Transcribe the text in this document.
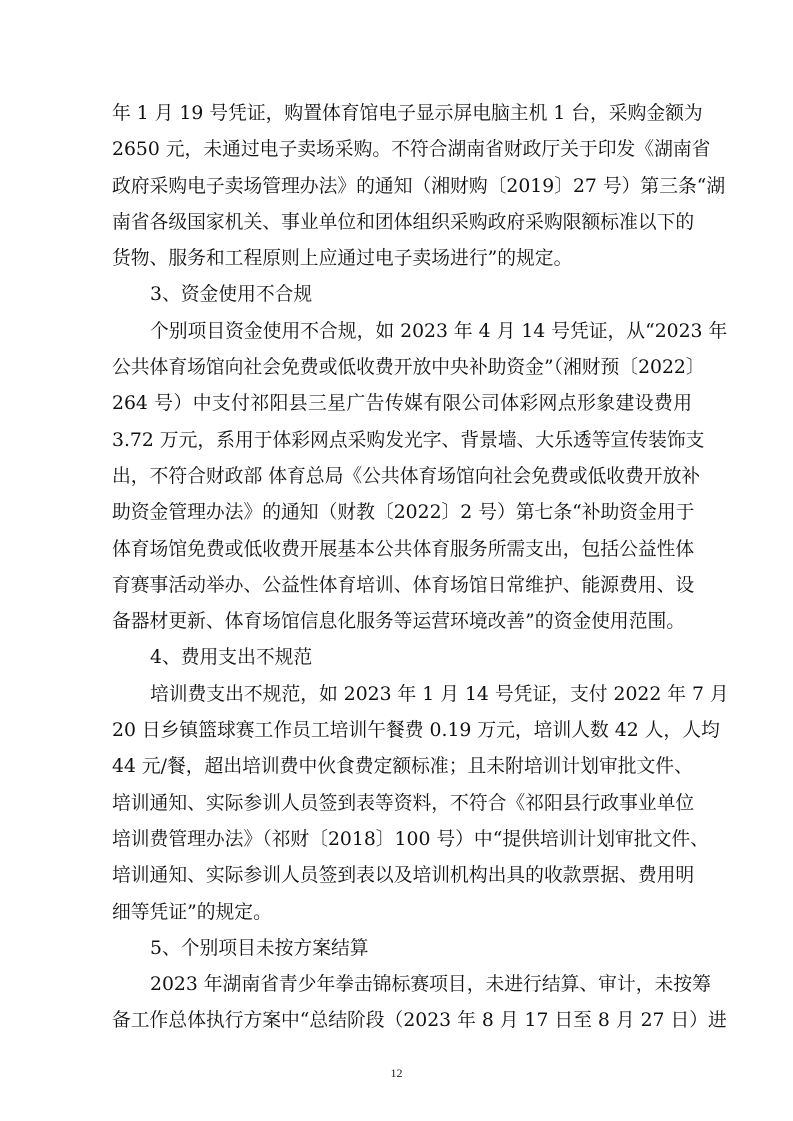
年 1 月 19 号凭证，购置体育馆电子显示屏电脑主机 1 台，采购金额为
2650 元，未通过电子卖场采购。不符合湖南省财政厅关于印发《湖南省
政府采购电子卖场管理办法》的通知（湘财购〔2019〕27 号）第三条“湖
南省各级国家机关、事业单位和团体组织采购政府采购限额标准以下的
货物、服务和工程原则上应通过电子卖场进行”的规定。
3、资金使用不合规
个别项目资金使用不合规，如 2023 年 4 月 14 号凭证，从“2023 年
公共体育场馆向社会免费或低收费开放中央补助资金”（湘财预〔2022〕
264 号）中支付祁阳县三星广告传媒有限公司体彩网点形象建设费用
3.72 万元，系用于体彩网点采购发光字、背景墙、大乐透等宣传装饰支
出，不符合财政部 体育总局《公共体育场馆向社会免费或低收费开放补
助资金管理办法》的通知（财教〔2022〕2 号）第七条“补助资金用于
体育场馆免费或低收费开展基本公共体育服务所需支出，包括公益性体
育赛事活动举办、公益性体育培训、体育场馆日常维护、能源费用、设
备器材更新、体育场馆信息化服务等运营环境改善”的资金使用范围。
4、费用支出不规范
培训费支出不规范，如 2023 年 1 月 14 号凭证，支付 2022 年 7 月
20 日乡镇篮球赛工作员工培训午餐费 0.19 万元，培训人数 42 人，人均
44 元/餐，超出培训费中伙食费定额标准；且未附培训计划审批文件、
培训通知、实际参训人员签到表等资料，不符合《祁阳县行政事业单位
培训费管理办法》（祁财〔2018〕100 号）中“提供培训计划审批文件、
培训通知、实际参训人员签到表以及培训机构出具的收款票据、费用明
细等凭证”的规定。
5、个别项目未按方案结算
2023 年湖南省青少年拳击锦标赛项目，未进行结算、审计，未按筹
备工作总体执行方案中“总结阶段（2023 年 8 月 17 日至 8 月 27 日）进
12
